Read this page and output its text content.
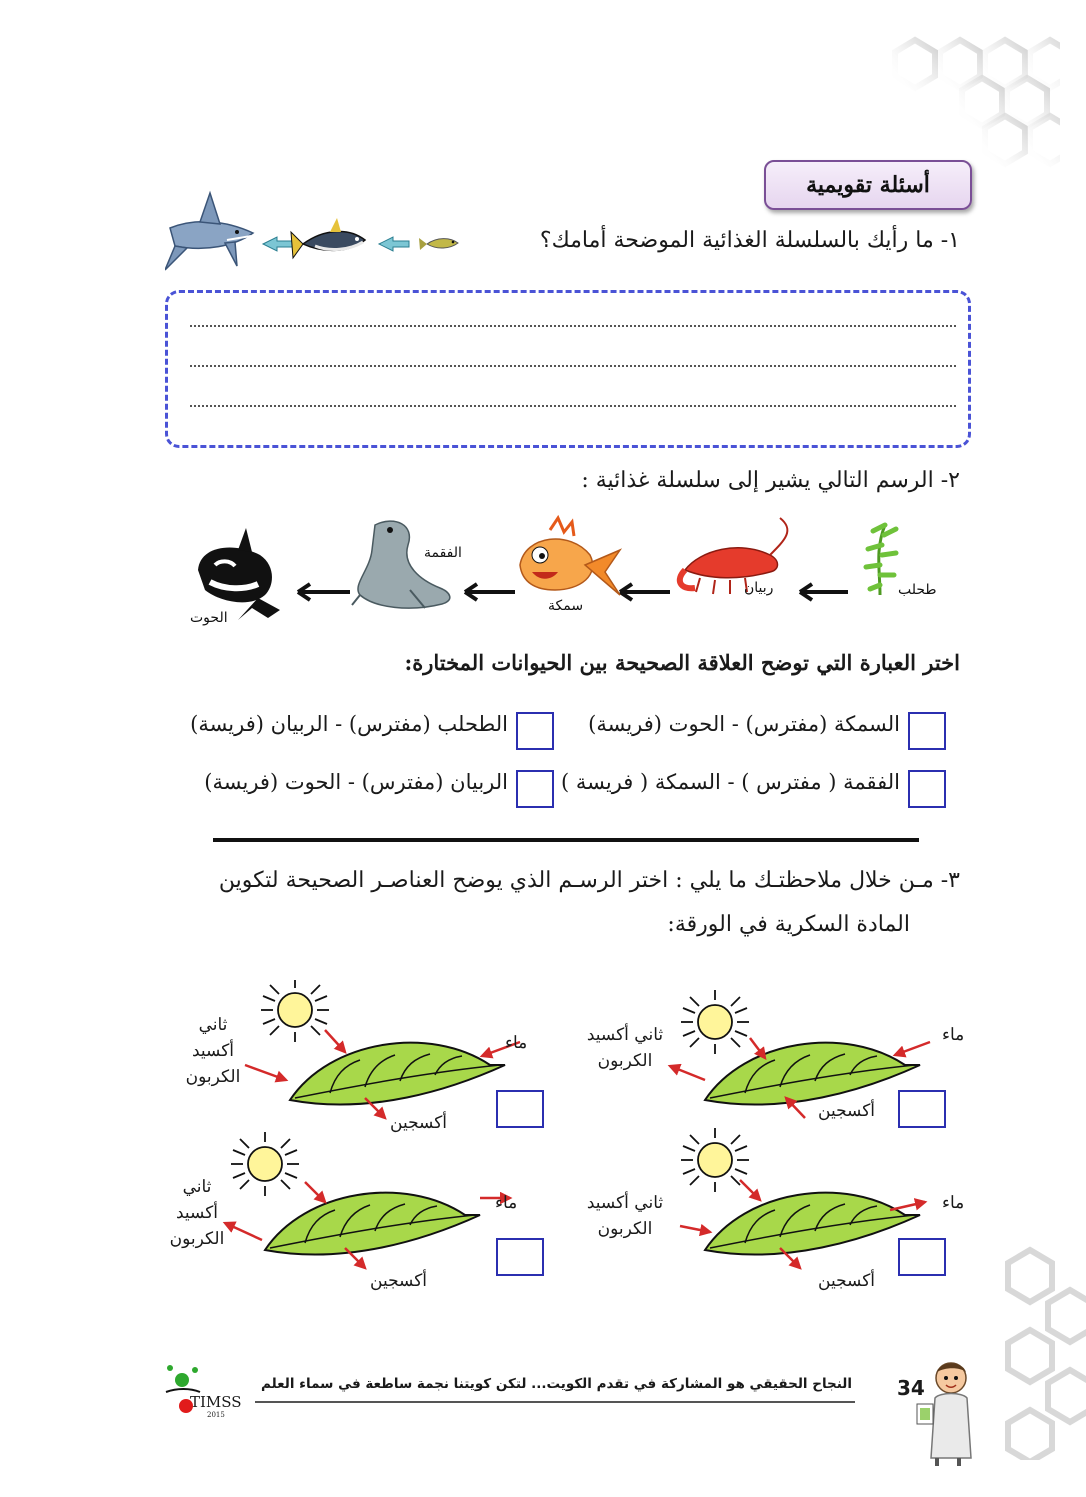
أسئلة تقويمية
١- ما رأيك بالسلسلة الغذائية الموضحة أمامك؟
٢- الرسم التالي يشير إلى سلسلة غذائية :
طحلب
ربيان
سمكة
الفقمة
الحوت
اختر العبارة التي توضح العلاقة الصحيحة بين الحيوانات المختارة:
السمكة (مفترس) - الحوت (فريسة)
الطحلب (مفترس) - الربيان (فريسة)
الفقمة ( مفترس ) - السمكة ( فريسة )
الربيان (مفترس) - الحوت (فريسة)
٣- مـن خلال ملاحظتـك ما يلي : اختر الرسـم الذي يوضح العناصـر الصحيحة لتكوين
المادة السكرية في الورقة:
ثاني
أكسيد
الكربون
ماء
أكسجين
ثاني أكسيد
الكربون
ماء
أكسجين
ثاني
أكسيد
الكربون
ماء
أكسجين
ثاني أكسيد
الكربون
ماء
أكسجين
TIMSS
2015
النجاح الحقيقي هو المشاركة في تقدم الكويت... لتكن كويتنا نجمة ساطعة في سماء العلم 34
